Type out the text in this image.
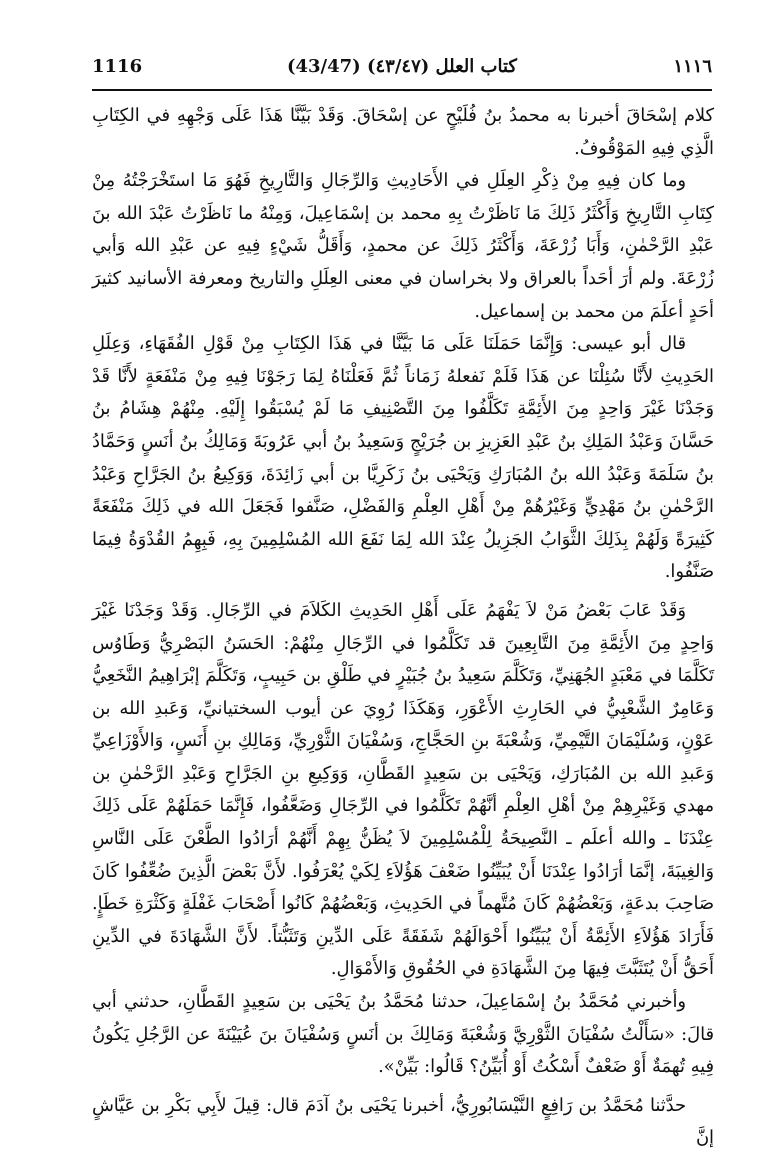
1116	(43/47) كتاب العلل (٤٣/٤٧)	١١١٦

كلام إسْحَاقَ أخبرنا به محمدُ بنُ فُلَيْحٍ عن إسْحَاقَ. وَقَدْ بَيَّنَّا هَذَا عَلَى وَجْهِهِ في الكِتَابِ الَّذِي فِيهِ المَوْقُوفُ.

وما كان فِيهِ مِنْ ذِكْرِ العِلَلِ في الأَحَادِيثِ وَالرِّجَالِ وَالتَّارِيخِ فَهُوَ مَا استَخْرَجْتُهُ مِنْ كِتَابِ التَّارِيخِ وَأَكْثَرُ ذَلِكَ مَا نَاظَرْتُ بِهِ محمد بن إسْمَاعِيلَ، وَمِنْهُ ما نَاظَرْتُ عَبْدَ الله بنَ عَبْدِ الرَّحْمٰنِ، وَأَبَا زُرْعَةَ، وَأَكْثَرُ ذَلِكَ عن محمدٍ، وَأَقَلُّ شَيْءٍ فِيهِ عن عَبْدِ الله وَأبي زُرْعَةَ. ولم أرَ أحَداً بالعراق ولا بخراسان في معنى العِلَلِ والتاريخ ومعرفة الأسانيد كثيرَ أحَدٍ أعلَمَ من محمد بن إسماعيل.

قال أبو عيسى: وَإِنَّمَا حَمَلَنَا عَلَى مَا بَيَّنَّا في هَذَا الكِتَابِ مِنْ قَوْلِ الفُقَهَاءِ، وَعِلَلِ الحَدِيثِ لأَنَّا سُئِلْنَا عن هَذَا فَلَمْ نَفعلهُ زَمَاناً ثُمَّ فَعَلْنَاهُ لِمَا رَجَوْنَا فِيهِ مِنْ مَنْفَعَةٍ لأَنَّا قَدْ وَجَدْنَا غَيْرَ وَاحِدٍ مِنَ الأَئِمَّةِ تَكَلَّفُوا مِنَ التَّصْنِيفِ مَا لَمْ يُسْبَقُوا إِلَيْهِ. مِنْهُمْ هِشَامُ بنُ حَسَّانَ وَعَبْدُ المَلِكِ بنُ عَبْدِ العَزِيزِ بن جُرَيْجٍ وَسَعِيدُ بنُ أبي عَرُوبَةَ وَمَالِكُ بنُ أنَسٍ وَحَمَّادُ بنُ سَلَمَةَ وَعَبْدُ الله بنُ المُبَارَكِ وَيَحْيَى بنُ زَكَرِيَّا بن أبي زَائِدَةَ، وَوَكِيعُ بنُ الجَرَّاحِ وَعَبْدُ الرَّحْمٰنِ بنُ مَهْدِيٍّ وَغَيْرُهُمْ مِنْ أَهْلِ العِلْمِ وَالفَضْلِ، صَنَّفوا فَجَعَلَ الله في ذَلِكَ مَنْفَعَةً كَثِيرَةً وَلَهُمْ بِذَلِكَ الثَّوَابُ الجَزِيلُ عِنْدَ الله لِمَا نَفَعَ الله المُسْلِمِينَ بِهِ، فَبِهِمُ القُدْوَةُ فِيمَا صَنَّفُوا.

وَقَدْ عَابَ بَعْضُ مَنْ لاَ يَفْهَمُ عَلَى أَهْلِ الحَدِيثِ الكَلاَمَ في الرِّجَالِ. وَقَدْ وَجَدْنَا غَيْرَ وَاحِدٍ مِنَ الأَئِمَّةِ مِنَ التَّابِعِينَ قد تَكَلَّمُوا في الرِّجَالِ مِنْهُمْ: الحَسَنُ البَصْرِيُّ وَطَاوُس تَكَلَّمَا في مَعْبَدٍ الجُهَنِيِّ، وَتَكَلَّمَ سَعِيدُ بنُ جُبَيْرٍ في طَلْقِ بن حَبِيبٍ، وَتَكَلَّمَ إبْرَاهِيمُ النَّخَعِيُّ وَعَامِرٌ الشَّعْبِيُّ في الحَارِثِ الأَعْوَرِ، وَهَكَذَا رُوِيَ عن أيوب السختيانيِّ، وَعَبدِ الله بن عَوْنٍ، وَسُلَيْمَانَ التَّيْمِيِّ، وَشُعْبَةَ بنِ الحَجَّاجِ، وَسُفْيَانَ الثَّوْرِيِّ، وَمَالِكِ بنِ أَنَسٍ، وَالأَوْزَاعِيِّ وَعَبدِ الله بن المُبَارَكِ، وَيَحْيَى بن سَعِيدٍ القَطَّانِ، وَوَكِيعِ بنِ الجَرَّاحِ وَعَبْدِ الرَّحْمٰنِ بن مهدي وَغَيْرِهِمْ مِنْ أهْلِ العِلْمِ أنَّهُمْ تَكَلَّمُوا في الرِّجَالِ وَضَعَّفُوا، فَإِنَّمَا حَمَلَهُمْ عَلَى ذَلِكَ عِنْدَنَا ـ والله أعلَم ـ النَّصِيحَةُ لِلْمُسْلِمِينَ لاَ يُظَنُّ بِهِمْ أَنَّهُمْ أرَادُوا الطَّعْنَ عَلَى النَّاسِ وَالغِيبَةَ، إنَّمَا أرَادُوا عِنْدَنَا أَنْ يُبَيِّنُوا ضَعْفَ هَؤُلاَءِ لِكَيْ يُعْرَفُوا. لأَنَّ بَعْضَ الَّذِينَ ضُعِّفُوا كَانَ صَاحِبَ بدعَةٍ، وَبَعْضُهُمْ كَانَ مُتَّهماً في الحَدِيثِ، وَبَعْضُهُمْ كَانُوا أَصْحَابَ غَفْلَةٍ وَكَثْرَةِ خَطَإٍ. فَأَرَادَ هَؤُلاَءِ الأَئِمَّةُ أَنْ يُبَيِّنُوا أَحْوَالَهُمْ شَفَقَةً عَلَى الدِّينِ وَتَثَبُّتاً. لأَنَّ الشَّهَادَةَ في الدِّينِ أَحَقُّ أَنْ يُتَثَبَّتَ فِيهَا مِنَ الشَّهَادَةِ في الحُقُوقِ وَالأَمْوَالِ.

وأخبرني مُحَمَّدُ بنُ إسْمَاعِيلَ، حدثنا مُحَمَّدُ بنُ يَحْيَى بن سَعِيدٍ القَطَّانِ، حدثني أبي قالَ: «سَأَلْتُ سُفْيَانَ الثَّوْرِيَّ وَشُعْبَةَ وَمَالِكَ بن أنَسٍ وَسُفْيَانَ بنَ عُيَيْنَةَ عن الرَّجُلِ يَكُونُ فِيهِ تُهمَةٌ أَوْ ضَعْفٌ أَسْكُتُ أَوْ أُبَيِّنُ؟ قَالُوا: بَيِّنْ».

حدَّثنا مُحَمَّدُ بن رَافِعٍ النَّيْسَابُورِيُّ، أخبرنا يَحْيَى بنُ آدَمَ قال: قِيلَ لأَبِي بَكْرِ بن عَيَّاشٍ إنَّ
